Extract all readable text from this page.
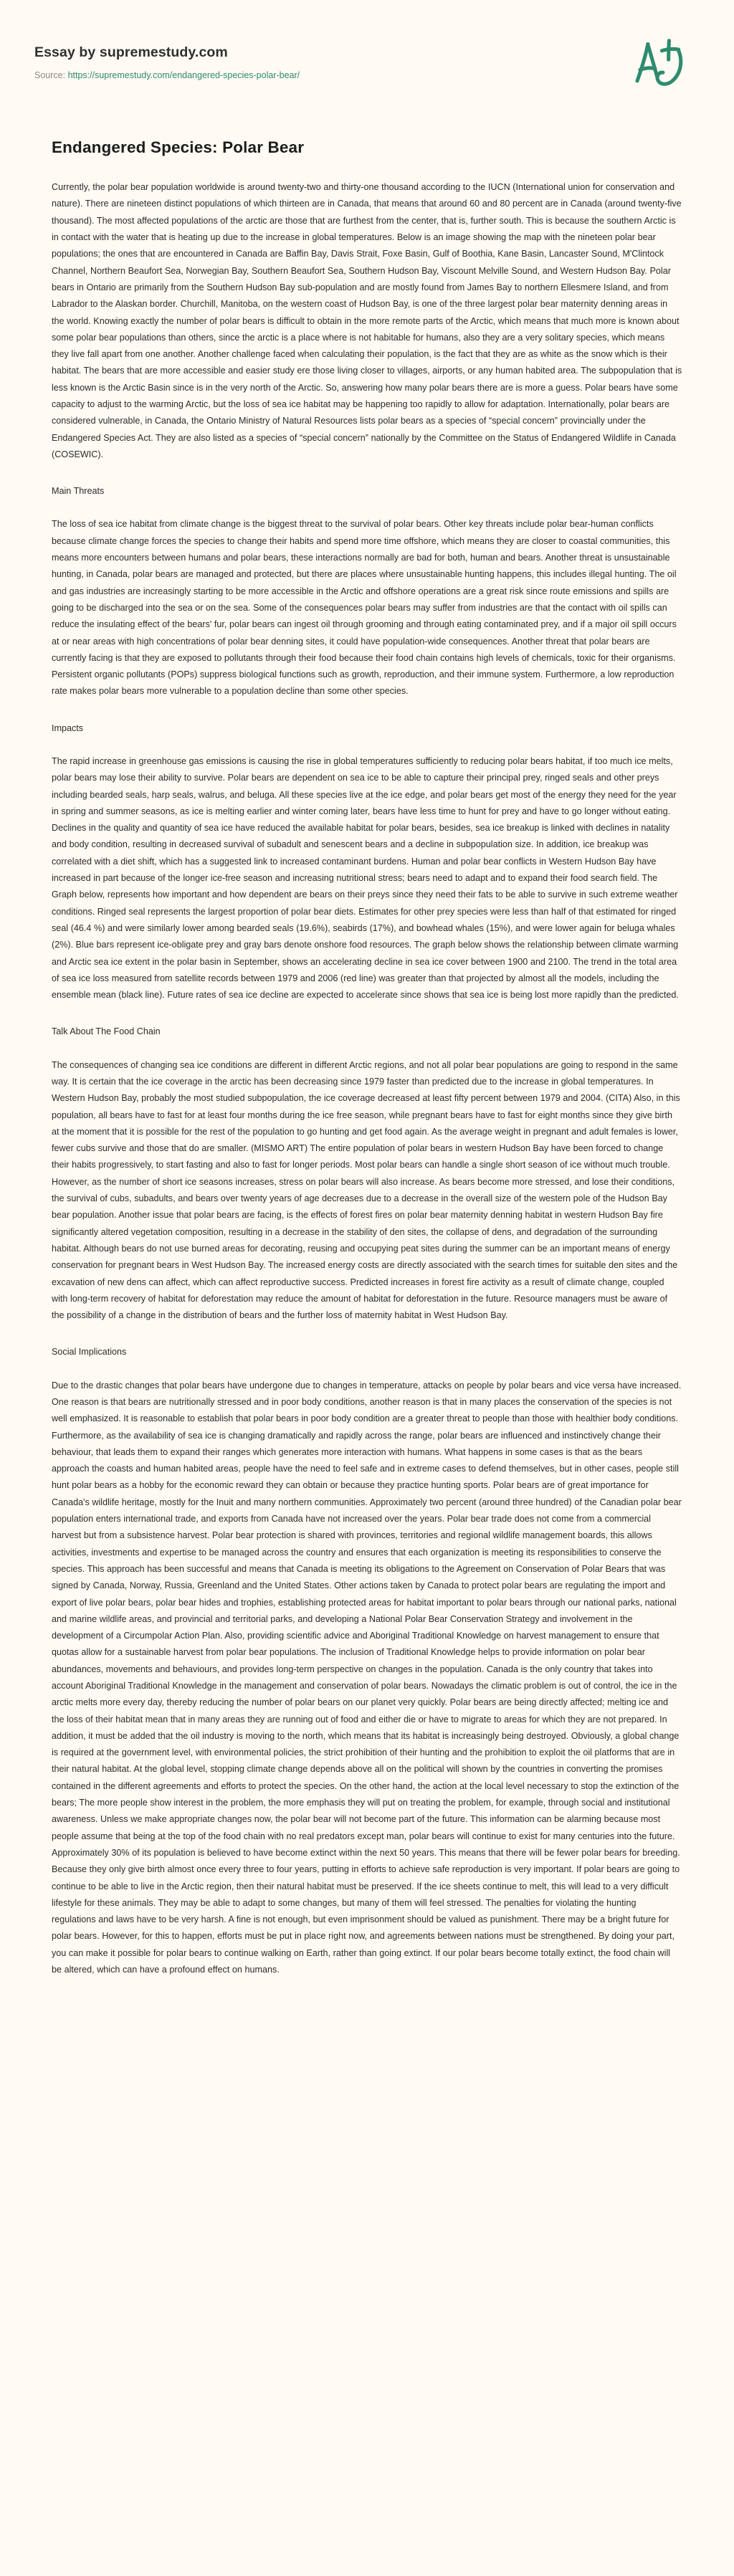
Essay by supremestudy.com
Source: https://supremestudy.com/endangered-species-polar-bear/
Endangered Species: Polar Bear

Currently, the polar bear population worldwide is around twenty-two and thirty-one thousand according to the IUCN (International union for conservation and nature). There are nineteen distinct populations of which thirteen are in Canada, that means that around 60 and 80 percent are in Canada (around twenty-five thousand). The most affected populations of the arctic are those that are furthest from the center, that is, further south. This is because the southern Arctic is in contact with the water that is heating up due to the increase in global temperatures. Below is an image showing the map with the nineteen polar bear populations; the ones that are encountered in Canada are Baffin Bay, Davis Strait, Foxe Basin, Gulf of Boothia, Kane Basin, Lancaster Sound, M'Clintock Channel, Northern Beaufort Sea, Norwegian Bay, Southern Beaufort Sea, Southern Hudson Bay, Viscount Melville Sound, and Western Hudson Bay. Polar bears in Ontario are primarily from the Southern Hudson Bay sub-population and are mostly found from James Bay to northern Ellesmere Island, and from Labrador to the Alaskan border. Churchill, Manitoba, on the western coast of Hudson Bay, is one of the three largest polar bear maternity denning areas in the world. Knowing exactly the number of polar bears is difficult to obtain in the more remote parts of the Arctic, which means that much more is known about some polar bear populations than others, since the arctic is a place where is not habitable for humans, also they are a very solitary species, which means they live fall apart from one another. Another challenge faced when calculating their population, is the fact that they are as white as the snow which is their habitat. The bears that are more accessible and easier study ere those living closer to villages, airports, or any human habited area. The subpopulation that is less known is the Arctic Basin since is in the very north of the Arctic. So, answering how many polar bears there are is more a guess. Polar bears have some capacity to adjust to the warming Arctic, but the loss of sea ice habitat may be happening too rapidly to allow for adaptation. Internationally, polar bears are considered vulnerable, in Canada, the Ontario Ministry of Natural Resources lists polar bears as a species of “special concern” provincially under the Endangered Species Act. They are also listed as a species of “special concern” nationally by the Committee on the Status of Endangered Wildlife in Canada (COSEWIC).

Main Threats

The loss of sea ice habitat from climate change is the biggest threat to the survival of polar bears. Other key threats include polar bear-human conflicts because climate change forces the species to change their habits and spend more time offshore, which means they are closer to coastal communities, this means more encounters between humans and polar bears, these interactions normally are bad for both, human and bears. Another threat is unsustainable hunting, in Canada, polar bears are managed and protected, but there are places where unsustainable hunting happens, this includes illegal hunting. The oil and gas industries are increasingly starting to be more accessible in the Arctic and offshore operations are a great risk since route emissions and spills are going to be discharged into the sea or on the sea. Some of the consequences polar bears may suffer from industries are that the contact with oil spills can reduce the insulating effect of the bears' fur, polar bears can ingest oil through grooming and through eating contaminated prey, and if a major oil spill occurs at or near areas with high concentrations of polar bear denning sites, it could have population-wide consequences. Another threat that polar bears are currently facing is that they are exposed to pollutants through their food because their food chain contains high levels of chemicals, toxic for their organisms. Persistent organic pollutants (POPs) suppress biological functions such as growth, reproduction, and their immune system. Furthermore, a low reproduction rate makes polar bears more vulnerable to a population decline than some other species.

Impacts

The rapid increase in greenhouse gas emissions is causing the rise in global temperatures sufficiently to reducing polar bears habitat, if too much ice melts, polar bears may lose their ability to survive. Polar bears are dependent on sea ice to be able to capture their principal prey, ringed seals and other preys including bearded seals, harp seals, walrus, and beluga. All these species live at the ice edge, and polar bears get most of the energy they need for the year in spring and summer seasons, as ice is melting earlier and winter coming later, bears have less time to hunt for prey and have to go longer without eating. Declines in the quality and quantity of sea ice have reduced the available habitat for polar bears, besides, sea ice breakup is linked with declines in natality and body condition, resulting in decreased survival of subadult and senescent bears and a decline in subpopulation size. In addition, ice breakup was correlated with a diet shift, which has a suggested link to increased contaminant burdens. Human and polar bear conflicts in Western Hudson Bay have increased in part because of the longer ice-free season and increasing nutritional stress; bears need to adapt and to expand their food search field. The Graph below, represents how important and how dependent are bears on their preys since they need their fats to be able to survive in such extreme weather conditions. Ringed seal represents the largest proportion of polar bear diets. Estimates for other prey species were less than half of that estimated for ringed seal (46.4 %) and were similarly lower among bearded seals (19.6%), seabirds (17%), and bowhead whales (15%), and were lower again for beluga whales (2%). Blue bars represent ice-obligate prey and gray bars denote onshore food resources. The graph below shows the relationship between climate warming and Arctic sea ice extent in the polar basin in September, shows an accelerating decline in sea ice cover between 1900 and 2100. The trend in the total area of sea ice loss measured from satellite records between 1979 and 2006 (red line) was greater than that projected by almost all the models, including the ensemble mean (black line). Future rates of sea ice decline are expected to accelerate since shows that sea ice is being lost more rapidly than the predicted.

Talk About The Food Chain

The consequences of changing sea ice conditions are different in different Arctic regions, and not all polar bear populations are going to respond in the same way. It is certain that the ice coverage in the arctic has been decreasing since 1979 faster than predicted due to the increase in global temperatures. In Western Hudson Bay, probably the most studied subpopulation, the ice coverage decreased at least fifty percent between 1979 and 2004. (CITA) Also, in this population, all bears have to fast for at least four months during the ice free season, while pregnant bears have to fast for eight months since they give birth at the moment that it is possible for the rest of the population to go hunting and get food again. As the average weight in pregnant and adult females is lower, fewer cubs survive and those that do are smaller. (MISMO ART) The entire population of polar bears in western Hudson Bay have been forced to change their habits progressively, to start fasting and also to fast for longer periods. Most polar bears can handle a single short season of ice without much trouble. However, as the number of short ice seasons increases, stress on polar bears will also increase. As bears become more stressed, and lose their conditions, the survival of cubs, subadults, and bears over twenty years of age decreases due to a decrease in the overall size of the western pole of the Hudson Bay bear population. Another issue that polar bears are facing, is the effects of forest fires on polar bear maternity denning habitat in western Hudson Bay fire significantly altered vegetation composition, resulting in a decrease in the stability of den sites, the collapse of dens, and degradation of the surrounding habitat. Although bears do not use burned areas for decorating, reusing and occupying peat sites during the summer can be an important means of energy conservation for pregnant bears in West Hudson Bay. The increased energy costs are directly associated with the search times for suitable den sites and the excavation of new dens can affect, which can affect reproductive success. Predicted increases in forest fire activity as a result of climate change, coupled with long-term recovery of habitat for deforestation may reduce the amount of habitat for deforestation in the future. Resource managers must be aware of the possibility of a change in the distribution of bears and the further loss of maternity habitat in West Hudson Bay.

Social Implications

Due to the drastic changes that polar bears have undergone due to changes in temperature, attacks on people by polar bears and vice versa have increased. One reason is that bears are nutritionally stressed and in poor body conditions, another reason is that in many places the conservation of the species is not well emphasized. It is reasonable to establish that polar bears in poor body condition are a greater threat to people than those with healthier body conditions. Furthermore, as the availability of sea ice is changing dramatically and rapidly across the range, polar bears are influenced and instinctively change their behaviour, that leads them to expand their ranges which generates more interaction with humans. What happens in some cases is that as the bears approach the coasts and human habited areas, people have the need to feel safe and in extreme cases to defend themselves, but in other cases, people still hunt polar bears as a hobby for the economic reward they can obtain or because they practice hunting sports. Polar bears are of great importance for Canada's wildlife heritage, mostly for the Inuit and many northern communities. Approximately two percent (around three hundred) of the Canadian polar bear population enters international trade, and exports from Canada have not increased over the years. Polar bear trade does not come from a commercial harvest but from a subsistence harvest. Polar bear protection is shared with provinces, territories and regional wildlife management boards, this allows activities, investments and expertise to be managed across the country and ensures that each organization is meeting its responsibilities to conserve the species. This approach has been successful and means that Canada is meeting its obligations to the Agreement on Conservation of Polar Bears that was signed by Canada, Norway, Russia, Greenland and the United States. Other actions taken by Canada to protect polar bears are regulating the import and export of live polar bears, polar bear hides and trophies, establishing protected areas for habitat important to polar bears through our national parks, national and marine wildlife areas, and provincial and territorial parks, and developing a National Polar Bear Conservation Strategy and involvement in the development of a Circumpolar Action Plan. Also, providing scientific advice and Aboriginal Traditional Knowledge on harvest management to ensure that quotas allow for a sustainable harvest from polar bear populations. The inclusion of Traditional Knowledge helps to provide information on polar bear abundances, movements and behaviours, and provides long-term perspective on changes in the population. Canada is the only country that takes into account Aboriginal Traditional Knowledge in the management and conservation of polar bears. Nowadays the climatic problem is out of control, the ice in the arctic melts more every day, thereby reducing the number of polar bears on our planet very quickly. Polar bears are being directly affected; melting ice and the loss of their habitat mean that in many areas they are running out of food and either die or have to migrate to areas for which they are not prepared. In addition, it must be added that the oil industry is moving to the north, which means that its habitat is increasingly being destroyed. Obviously, a global change is required at the government level, with environmental policies, the strict prohibition of their hunting and the prohibition to exploit the oil platforms that are in their natural habitat. At the global level, stopping climate change depends above all on the political will shown by the countries in converting the promises contained in the different agreements and efforts to protect the species. On the other hand, the action at the local level necessary to stop the extinction of the bears; The more people show interest in the problem, the more emphasis they will put on treating the problem, for example, through social and institutional awareness. Unless we make appropriate changes now, the polar bear will not become part of the future. This information can be alarming because most people assume that being at the top of the food chain with no real predators except man, polar bears will continue to exist for many centuries into the future. Approximately 30% of its population is believed to have become extinct within the next 50 years. This means that there will be fewer polar bears for breeding. Because they only give birth almost once every three to four years, putting in efforts to achieve safe reproduction is very important. If polar bears are going to continue to be able to live in the Arctic region, then their natural habitat must be preserved. If the ice sheets continue to melt, this will lead to a very difficult lifestyle for these animals. They may be able to adapt to some changes, but many of them will feel stressed. The penalties for violating the hunting regulations and laws have to be very harsh. A fine is not enough, but even imprisonment should be valued as punishment. There may be a bright future for polar bears. However, for this to happen, efforts must be put in place right now, and agreements between nations must be strengthened. By doing your part, you can make it possible for polar bears to continue walking on Earth, rather than going extinct. If our polar bears become totally extinct, the food chain will be altered, which can have a profound effect on humans.
